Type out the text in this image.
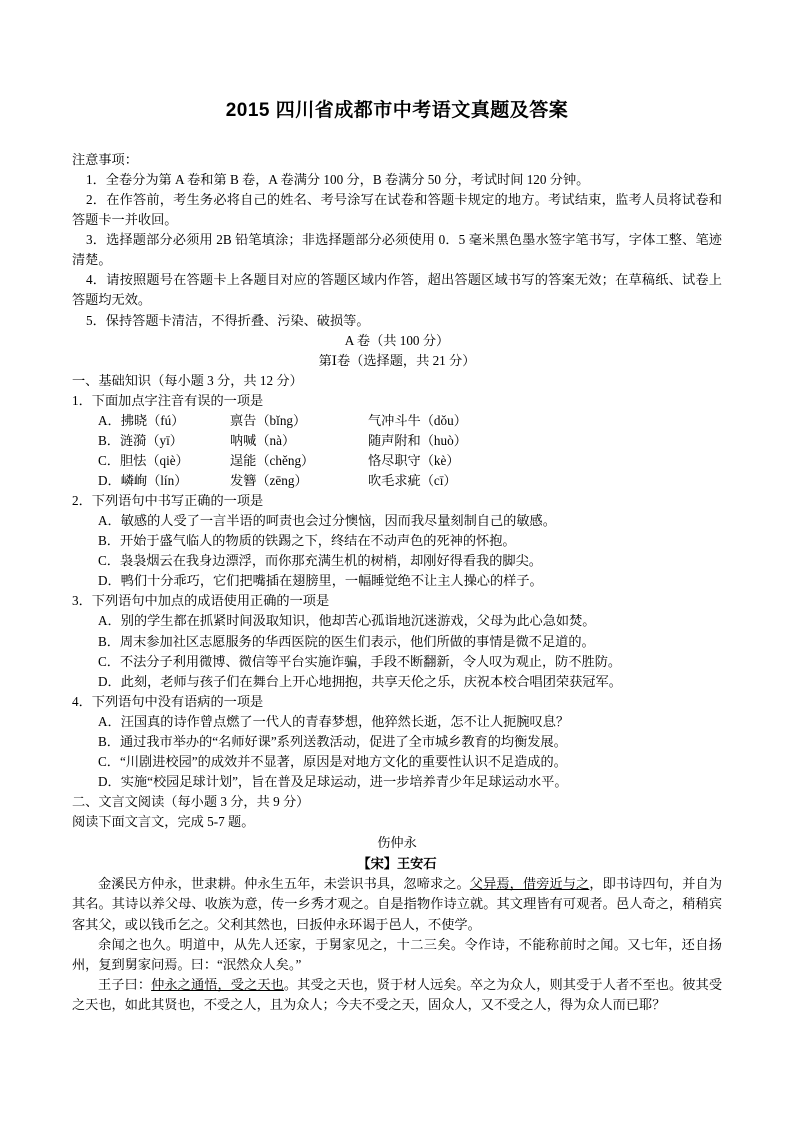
2015 四川省成都市中考语文真题及答案

注意事项：

1．全卷分为第 A 卷和第 B 卷，A 卷满分 100 分，B 卷满分 50 分，考试时间 120 分钟。

2．在作答前，考生务必将自己的姓名、考号涂写在试卷和答题卡规定的地方。考试结束，监考人员将试卷和答题卡一并收回。

3．选择题部分必须用 2B 铅笔填涂；非选择题部分必须使用 0．5 毫米黑色墨水签字笔书写，字体工整、笔迹清楚。

4．请按照题号在答题卡上各题目对应的答题区域内作答，超出答题区域书写的答案无效；在草稿纸、试卷上答题均无效。

5．保持答题卡清洁，不得折叠、污染、破损等。

A 卷（共 100 分）

第Ⅰ卷（选择题，共 21 分）

一、基础知识（每小题 3 分，共 12 分）

1．下面加点字注音有误的一项是

A．拂晓（fú）	禀告（bǐng）	气冲斗牛（dǒu）
B．涟漪（yī）	呐喊（nà）	随声附和（huò）
C．胆怯（qiè）	逞能（chěng）	恪尽职守（kè）
D．嶙峋（lín）	发簪（zēng）	吹毛求疵（cī）

2．下列语句中书写正确的一项是

A．敏感的人受了一言半语的呵责也会过分懊恼，因而我尽量刻制自己的敏感。

B．开始于盛气临人的物质的铁踢之下，终结在不动声色的死神的怀抱。

C．袅袅烟云在我身边漂浮，而你那充满生机的树梢，却刚好得看我的脚尖。

D．鸭们十分乖巧，它们把嘴插在翅膀里，一幅睡觉绝不让主人操心的样子。

3．下列语句中加点的成语使用正确的一项是

A．别的学生都在抓紧时间汲取知识，他却苦心孤诣地沉迷游戏，父母为此心急如焚。

B．周末参加社区志愿服务的华西医院的医生们表示，他们所做的事情是微不足道的。

C．不法分子利用微博、微信等平台实施诈骗，手段不断翻新，令人叹为观止，防不胜防。

D．此刻，老师与孩子们在舞台上开心地拥抱，共享天伦之乐，庆祝本校合唱团荣获冠军。

4．下列语句中没有语病的一项是

A．汪国真的诗作曾点燃了一代人的青春梦想，他猝然长逝，怎不让人扼腕叹息？

B．通过我市举办的“名师好课”系列送教活动，促进了全市城乡教育的均衡发展。

C．“川剧进校园”的成效并不显著，原因是对地方文化的重要性认识不足造成的。

D．实施“校园足球计划”，旨在普及足球运动，进一步培养青少年足球运动水平。

二、文言文阅读（每小题 3 分，共 9 分）

阅读下面文言文，完成 5-7 题。

伤仲永

【宋】王安石

金溪民方仲永，世隶耕。仲永生五年，未尝识书具，忽啼求之。父异焉，借旁近与之，即书诗四句，并自为其名。其诗以养父母、收族为意，传一乡秀才观之。自是指物作诗立就。其文理皆有可观者。邑人奇之，稍稍宾客其父，或以钱币乞之。父利其然也，曰扳仲永环谒于邑人，不使学。

余闻之也久。明道中，从先人还家，于舅家见之，十二三矣。令作诗，不能称前时之闻。又七年，还自扬州，复到舅家问焉。曰：“泯然众人矣。”

王子曰：仲永之通悟，受之天也。其受之天也，贤于材人远矣。卒之为众人，则其受于人者不至也。彼其受之天也，如此其贤也，不受之人，且为众人；今夫不受之天，固众人，又不受之人，得为众人而已耶？
